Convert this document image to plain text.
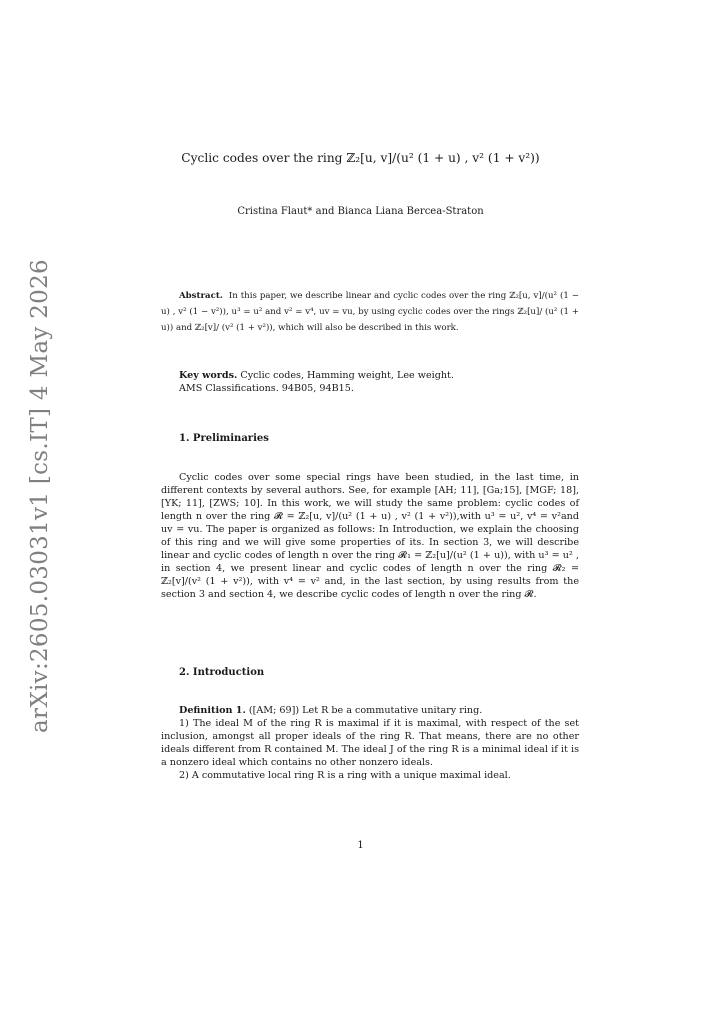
arXiv:2605.03031v1 [cs.IT] 4 May 2026
Cyclic codes over the ring ℤ₂[u, v]/(u² (1 + u) , v² (1 + v²))
Cristina Flaut* and Bianca Liana Bercea-Straton
Abstract. In this paper, we describe linear and cyclic codes over the ring ℤ₂[u, v]/(u² (1 − u) , v² (1 − v²)), u³ = u² and v² = v⁴, uv = vu, by using cyclic codes over the rings ℤ₂[u]/ (u² (1 + u)) and ℤ₂[v]/ (v² (1 + v²)), which will also be described in this work.
Key words. Cyclic codes, Hamming weight, Lee weight.
AMS Classifications. 94B05, 94B15.
1. Preliminaries
Cyclic codes over some special rings have been studied, in the last time, in different contexts by several authors. See, for example [AH; 11], [Ga;15], [MGF; 18], [YK; 11], [ZWS; 10]. In this work, we will study the same problem: cyclic codes of length n over the ring 𝓡 = ℤ₂[u, v]/(u² (1 + u) , v² (1 + v²)),with u³ = u², v⁴ = v²and uv = vu. The paper is organized as follows: In Introduction, we explain the choosing of this ring and we will give some properties of its. In section 3, we will describe linear and cyclic codes of length n over the ring 𝓡₁ = ℤ₂[u]/(u² (1 + u)), with u³ = u² , in section 4, we present linear and cyclic codes of length n over the ring 𝓡₂ = ℤ₂[v]/(v² (1 + v²)), with v⁴ = v² and, in the last section, by using results from the section 3 and section 4, we describe cyclic codes of length n over the ring 𝓡.
2. Introduction

Definition 1. ([AM; 69]) Let R be a commutative unitary ring.

1) The ideal M of the ring R is maximal if it is maximal, with respect of the set inclusion, amongst all proper ideals of the ring R. That means, there are no other ideals different from R contained M. The ideal J of the ring R is a minimal ideal if it is a nonzero ideal which contains no other nonzero ideals.

2) A commutative local ring R is a ring with a unique maximal ideal.

1
